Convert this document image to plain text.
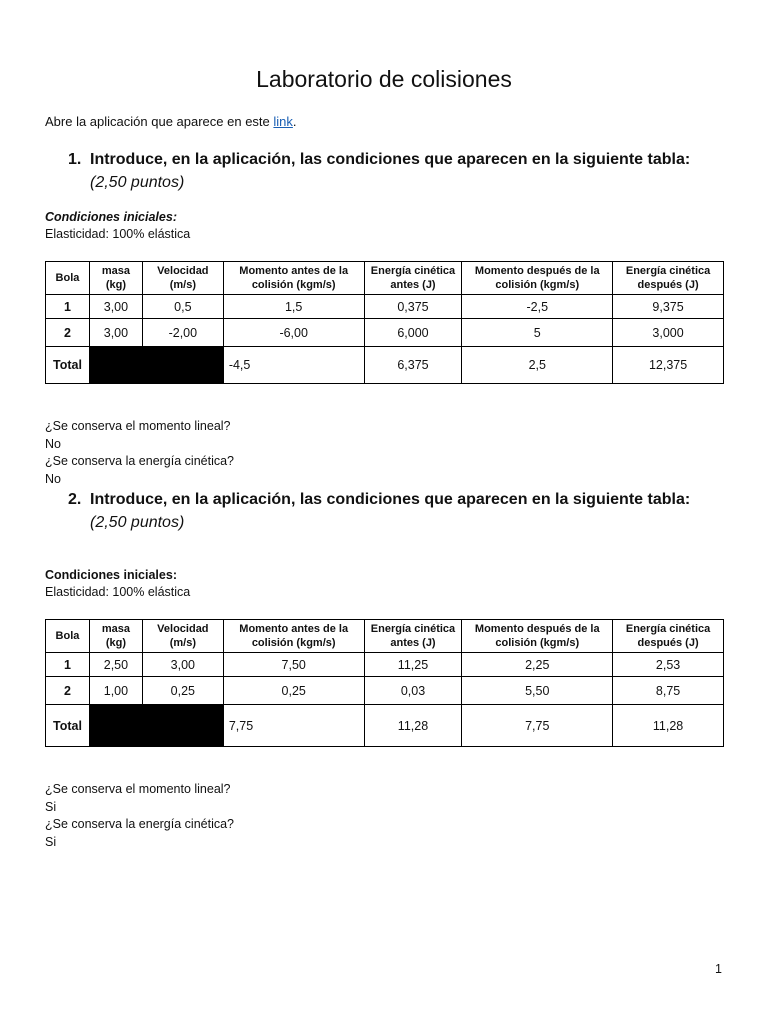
Laboratorio de colisiones

Abre la aplicación que aparece en este link.

1. Introduce, en la aplicación, las condiciones que aparecen en la siguiente tabla: (2,50 puntos)
Condiciones iniciales:
Elasticidad: 100% elástica
Bola	masa (kg)	Velocidad (m/s)	Momento antes de la colisión (kgm/s)	Energía cinética antes (J)	Momento después de la colisión (kgm/s)	Energía cinética después (J)
1	3,00	0,5	1,5	0,375	-2,5	9,375
2	3,00	-2,00	-6,00	6,000	5	3,000
Total			-4,5	6,375	2,5	12,375
¿Se conserva el momento lineal?
No
¿Se conserva la energía cinética?
No
2. Introduce, en la aplicación, las condiciones que aparecen en la siguiente tabla: (2,50 puntos)
Condiciones iniciales:
Elasticidad: 100% elástica
Bola	masa (kg)	Velocidad (m/s)	Momento antes de la colisión (kgm/s)	Energía cinética antes (J)	Momento después de la colisión (kgm/s)	Energía cinética después (J)
1	2,50	3,00	7,50	11,25	2,25	2,53
2	1,00	0,25	0,25	0,03	5,50	8,75
Total			7,75	11,28	7,75	11,28
¿Se conserva el momento lineal?
Si
¿Se conserva la energía cinética?
Si
1
